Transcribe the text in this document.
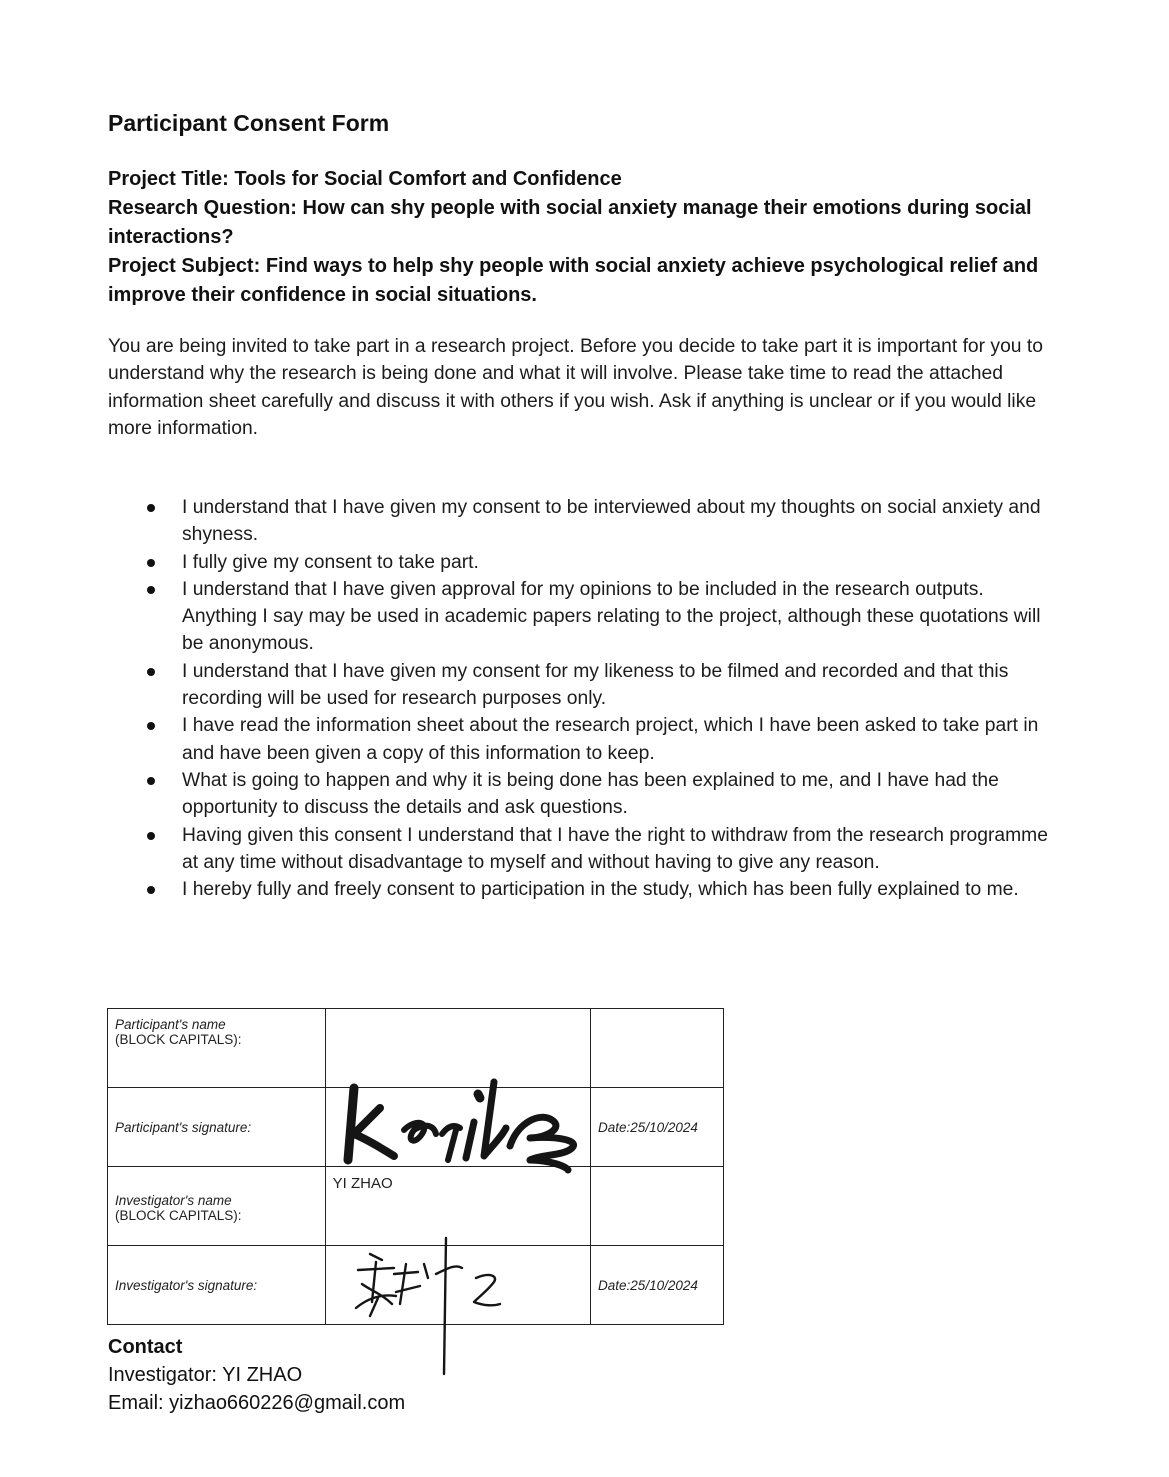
Participant Consent Form

Project Title: Tools for Social Comfort and Confidence

Research Question: How can shy people with social anxiety manage their emotions during social interactions?

Project Subject: Find ways to help shy people with social anxiety achieve psychological relief and improve their confidence in social situations.

You are being invited to take part in a research project. Before you decide to take part it is important for you to understand why the research is being done and what it will involve. Please take time to read the attached information sheet carefully and discuss it with others if you wish. Ask if anything is unclear or if you would like more information.

I understand that I have given my consent to be interviewed about my thoughts on social anxiety and shyness.
I fully give my consent to take part.
I understand that I have given approval for my opinions to be included in the research outputs. Anything I say may be used in academic papers relating to the project, although these quotations will be anonymous.
I understand that I have given my consent for my likeness to be filmed and recorded and that this recording will be used for research purposes only.
I have read the information sheet about the research project, which I have been asked to take part in and have been given a copy of this information to keep.
What is going to happen and why it is being done has been explained to me, and I have had the opportunity to discuss the details and ask questions.
Having given this consent I understand that I have the right to withdraw from the research programme at any time without disadvantage to myself and without having to give any reason.
I hereby fully and freely consent to participation in the study, which has been fully explained to me.
Participant's name
(BLOCK CAPITALS):		
Participant's signature:		Date:25/10/2024
Investigator's name
(BLOCK CAPITALS):	YI ZHAO	
Investigator's signature:		Date:25/10/2024
Contact
Investigator: YI ZHAO
Email: yizhao660226@gmail.com
